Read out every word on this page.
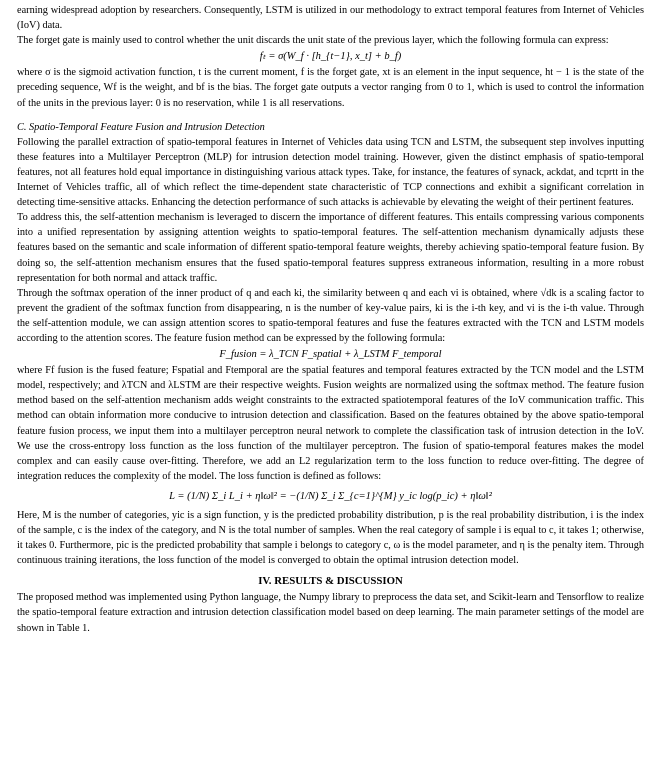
earning widespread adoption by researchers. Consequently, LSTM is utilized in our methodology to extract temporal features from Internet of Vehicles (IoV) data.

The forget gate is mainly used to control whether the unit discards the unit state of the previous layer, which the following formula can express:

fₜ = σ(W_f · [h_{t−1}, x_t] + b_f)

where σ is the sigmoid activation function, t is the current moment, f is the forget gate, xt is an element in the input sequence, ht − 1 is the state of the preceding sequence, Wf is the weight, and bf is the bias. The forget gate outputs a vector ranging from 0 to 1, which is used to control the information of the units in the previous layer: 0 is no reservation, while 1 is all reservations.

C. Spatio-Temporal Feature Fusion and Intrusion Detection

Following the parallel extraction of spatio-temporal features in Internet of Vehicles data using TCN and LSTM, the subsequent step involves inputting these features into a Multilayer Perceptron (MLP) for intrusion detection model training. However, given the distinct emphasis of spatio-temporal features, not all features hold equal importance in distinguishing various attack types. Take, for instance, the features of synack, ackdat, and tcprtt in the Internet of Vehicles traffic, all of which reflect the time-dependent state characteristic of TCP connections and exhibit a significant correlation in detecting time-sensitive attacks. Enhancing the detection performance of such attacks is achievable by elevating the weight of their pertinent features.

To address this, the self-attention mechanism is leveraged to discern the importance of different features. This entails compressing various components into a unified representation by assigning attention weights to spatio-temporal features. The self-attention mechanism dynamically adjusts these features based on the semantic and scale information of different spatio-temporal feature weights, thereby achieving spatio-temporal feature fusion. By doing so, the self-attention mechanism ensures that the fused spatio-temporal features suppress extraneous information, resulting in a more robust representation for both normal and attack traffic.

Through the softmax operation of the inner product of q and each ki, the similarity between q and each vi is obtained, where √dk is a scaling factor to prevent the gradient of the softmax function from disappearing, n is the number of key-value pairs, ki is the i-th key, and vi is the i-th value. Through the self-attention module, we can assign attention scores to spatio-temporal features and fuse the features extracted with the TCN and LSTM models according to the attention scores. The feature fusion method can be expressed by the following formula:

F_fusion = λ_TCN F_spatial + λ_LSTM F_temporal

where Ff fusion is the fused feature; Fspatial and Ftemporal are the spatial features and temporal features extracted by the TCN model and the LSTM model, respectively; and λTCN and λLSTM are their respective weights. Fusion weights are normalized using the softmax method. The feature fusion method based on the self-attention mechanism adds weight constraints to the extracted spatiotemporal features of the IoV communication traffic. This method can obtain information more conducive to intrusion detection and classification. Based on the features obtained by the above spatio-temporal feature fusion process, we input them into a multilayer perceptron neural network to complete the classification task of intrusion detection in the IoV. We use the cross-entropy loss function as the loss function of the multilayer perceptron. The fusion of spatio-temporal features makes the model complex and can easily cause over-fitting. Therefore, we add an L2 regularization term to the loss function to reduce over-fitting. The degree of integration reduces the complexity of the model. The loss function is defined as follows:

L = (1/N) Σ_i L_i + η‖ω‖² = −(1/N) Σ_i Σ_{c=1}^{M} y_ic log(p_ic) + η‖ω‖²

Here, M is the number of categories, yic is a sign function, y is the predicted probability distribution, p is the real probability distribution, i is the index of the sample, c is the index of the category, and N is the total number of samples. When the real category of sample i is equal to c, it takes 1; otherwise, it takes 0. Furthermore, pic is the predicted probability that sample i belongs to category c, ω is the model parameter, and η is the penalty item. Through continuous training iterations, the loss function of the model is converged to obtain the optimal intrusion detection model.

IV. RESULTS & DISCUSSION

The proposed method was implemented using Python language, the Numpy library to preprocess the data set, and Scikit-learn and Tensorflow to realize the spatio-temporal feature extraction and intrusion detection classification model based on deep learning. The main parameter settings of the model are shown in Table 1.
